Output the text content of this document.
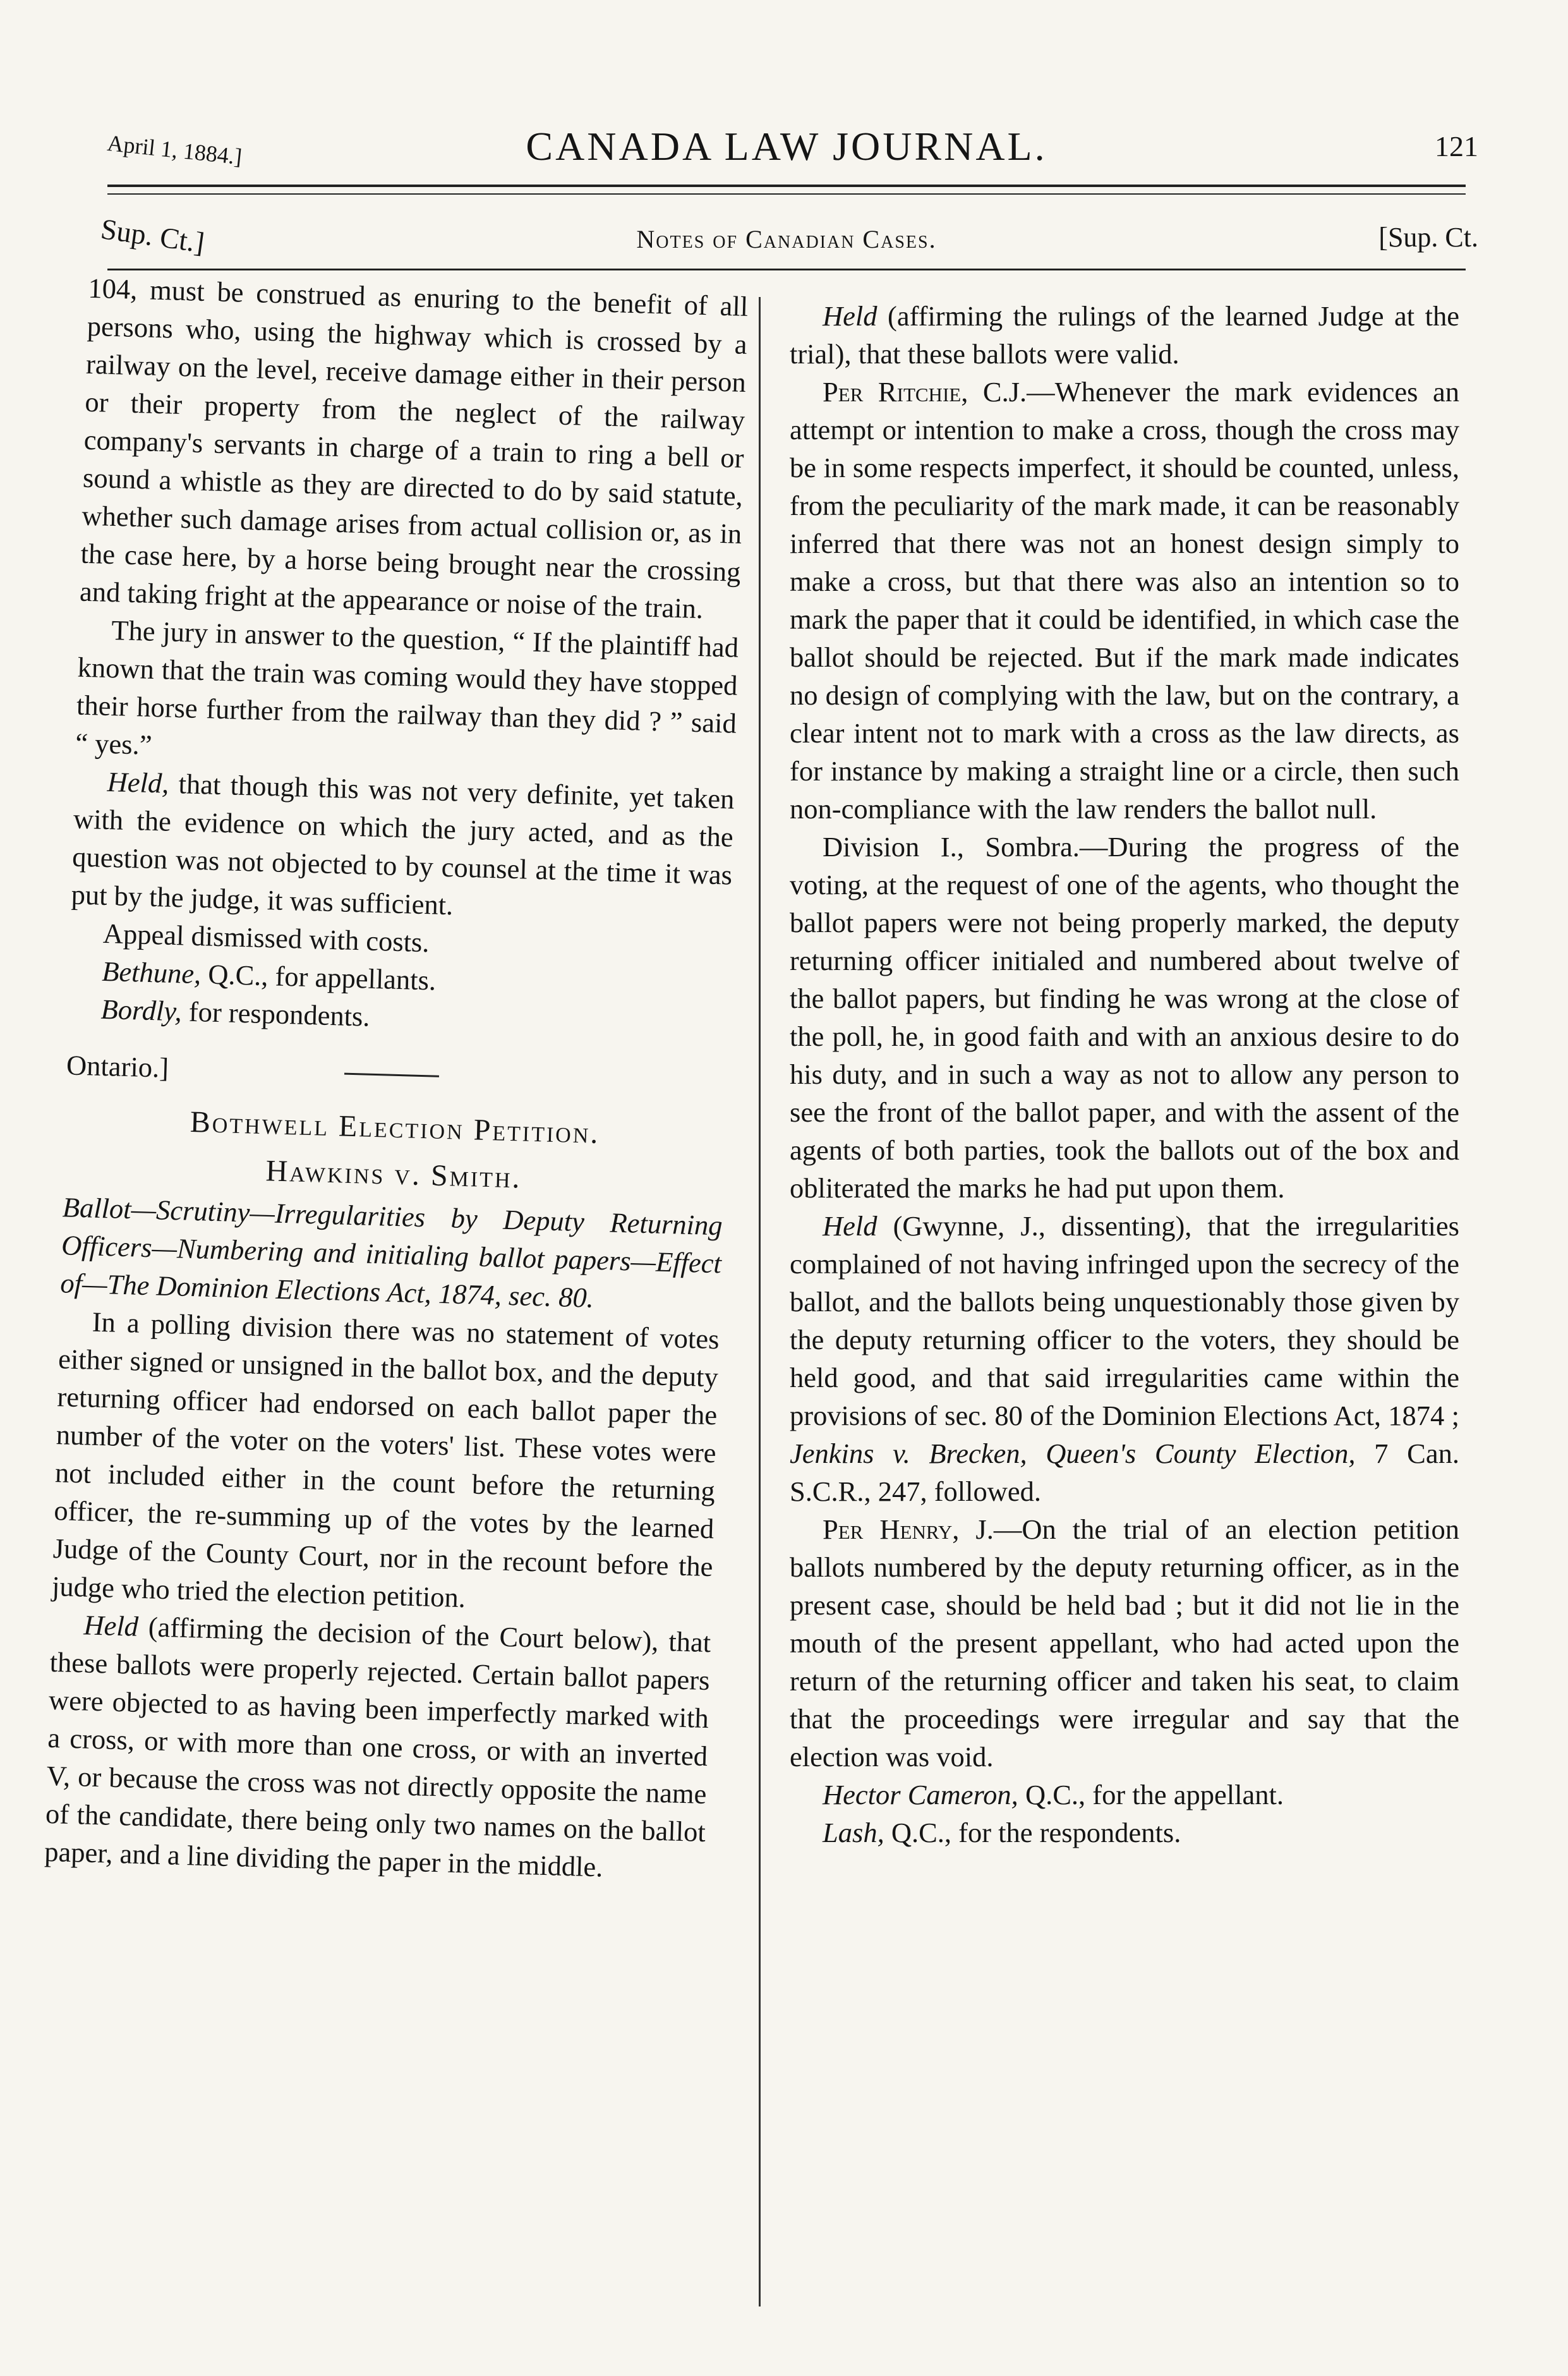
April 1, 1884.]	CANADA LAW JOURNAL.	121
Sup. Ct.]	Notes of Canadian Cases.	[Sup. Ct.

104, must be construed as enuring to the benefit of all persons who, using the highway which is crossed by a railway on the level, receive damage either in their person or their property from the neglect of the railway company's servants in charge of a train to ring a bell or sound a whistle as they are directed to do by said statute, whether such damage arises from actual collision or, as in the case here, by a horse being brought near the crossing and taking fright at the appearance or noise of the train.

The jury in answer to the question, “ If the plaintiff had known that the train was coming would they have stopped their horse further from the railway than they did ? ” said “ yes.”

Held, that though this was not very definite, yet taken with the evidence on which the jury acted, and as the question was not objected to by counsel at the time it was put by the judge, it was sufficient.

Appeal dismissed with costs.

Bethune, Q.C., for appellants.

Bordly, for respondents.

Ontario.]

Bothwell Election Petition.

Hawkins v. Smith.

Ballot—Scrutiny—Irregularities by Deputy Returning Officers—Numbering and initialing ballot papers—Effect of—The Dominion Elections Act, 1874, sec. 80.

In a polling division there was no statement of votes either signed or unsigned in the ballot box, and the deputy returning officer had endorsed on each ballot paper the number of the voter on the voters' list. These votes were not included either in the count before the returning officer, the re-summing up of the votes by the learned Judge of the County Court, nor in the recount before the judge who tried the election petition.

Held (affirming the decision of the Court below), that these ballots were properly rejected. Certain ballot papers were objected to as having been imperfectly marked with a cross, or with more than one cross, or with an inverted V, or because the cross was not directly opposite the name of the candidate, there being only two names on the ballot paper, and a line dividing the paper in the middle.

Held (affirming the rulings of the learned Judge at the trial), that these ballots were valid.

Per Ritchie, C.J.—Whenever the mark evidences an attempt or intention to make a cross, though the cross may be in some respects imperfect, it should be counted, unless, from the peculiarity of the mark made, it can be reasonably inferred that there was not an honest design simply to make a cross, but that there was also an intention so to mark the paper that it could be identified, in which case the ballot should be rejected. But if the mark made indicates no design of complying with the law, but on the contrary, a clear intent not to mark with a cross as the law directs, as for instance by making a straight line or a circle, then such non-compliance with the law renders the ballot null.

Division I., Sombra.—During the progress of the voting, at the request of one of the agents, who thought the ballot papers were not being properly marked, the deputy returning officer initialed and numbered about twelve of the ballot papers, but finding he was wrong at the close of the poll, he, in good faith and with an anxious desire to do his duty, and in such a way as not to allow any person to see the front of the ballot paper, and with the assent of the agents of both parties, took the ballots out of the box and obliterated the marks he had put upon them.

Held (Gwynne, J., dissenting), that the irregularities complained of not having infringed upon the secrecy of the ballot, and the ballots being unquestionably those given by the deputy returning officer to the voters, they should be held good, and that said irregularities came within the provisions of sec. 80 of the Dominion Elections Act, 1874 ; Jenkins v. Brecken, Queen's County Election, 7 Can. S.C.R., 247, followed.

Per Henry, J.—On the trial of an election petition ballots numbered by the deputy returning officer, as in the present case, should be held bad ; but it did not lie in the mouth of the present appellant, who had acted upon the return of the returning officer and taken his seat, to claim that the proceedings were irregular and say that the election was void.

Hector Cameron, Q.C., for the appellant.

Lash, Q.C., for the respondents.
